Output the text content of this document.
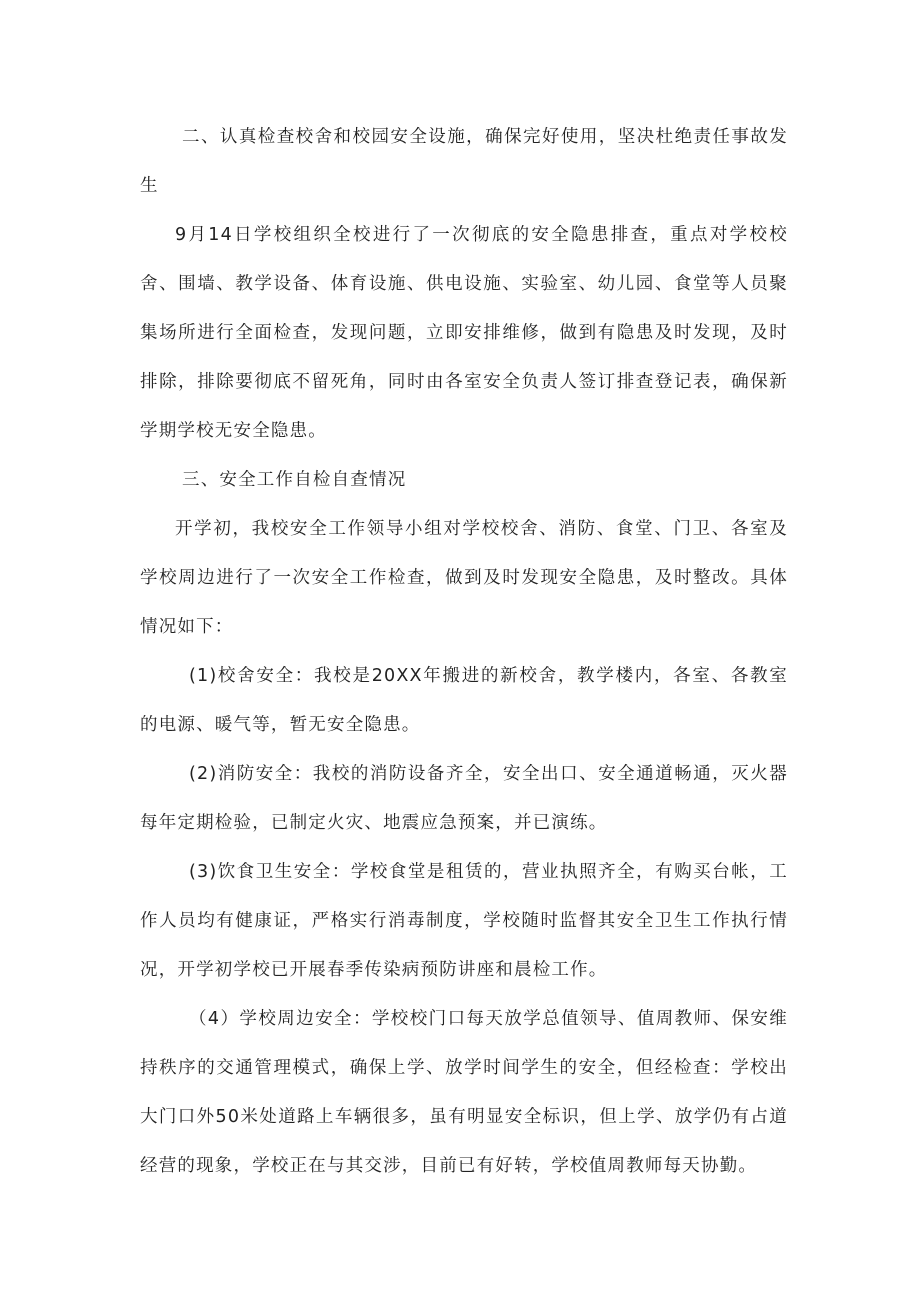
二、认真检查校舍和校园安全设施，确保完好使用，坚决杜绝责任事故发生

9月14日学校组织全校进行了一次彻底的安全隐患排查，重点对学校校舍、围墙、教学设备、体育设施、供电设施、实验室、幼儿园、食堂等人员聚集场所进行全面检查，发现问题，立即安排维修，做到有隐患及时发现，及时排除，排除要彻底不留死角，同时由各室安全负责人签订排查登记表，确保新学期学校无安全隐患。

三、安全工作自检自查情况

开学初，我校安全工作领导小组对学校校舍、消防、食堂、门卫、各室及学校周边进行了一次安全工作检查，做到及时发现安全隐患，及时整改。具体情况如下：

(1)校舍安全：我校是20XX年搬进的新校舍，教学楼内，各室、各教室的电源、暖气等，暂无安全隐患。

(2)消防安全：我校的消防设备齐全，安全出口、安全通道畅通，灭火器每年定期检验，已制定火灾、地震应急预案，并已演练。

(3)饮食卫生安全：学校食堂是租赁的，营业执照齐全，有购买台帐，工作人员均有健康证，严格实行消毒制度，学校随时监督其安全卫生工作执行情况，开学初学校已开展春季传染病预防讲座和晨检工作。

（4）学校周边安全：学校校门口每天放学总值领导、值周教师、保安维持秩序的交通管理模式，确保上学、放学时间学生的安全，但经检查：学校出大门口外50米处道路上车辆很多，虽有明显安全标识，但上学、放学仍有占道经营的现象，学校正在与其交涉，目前已有好转，学校值周教师每天协勤。
